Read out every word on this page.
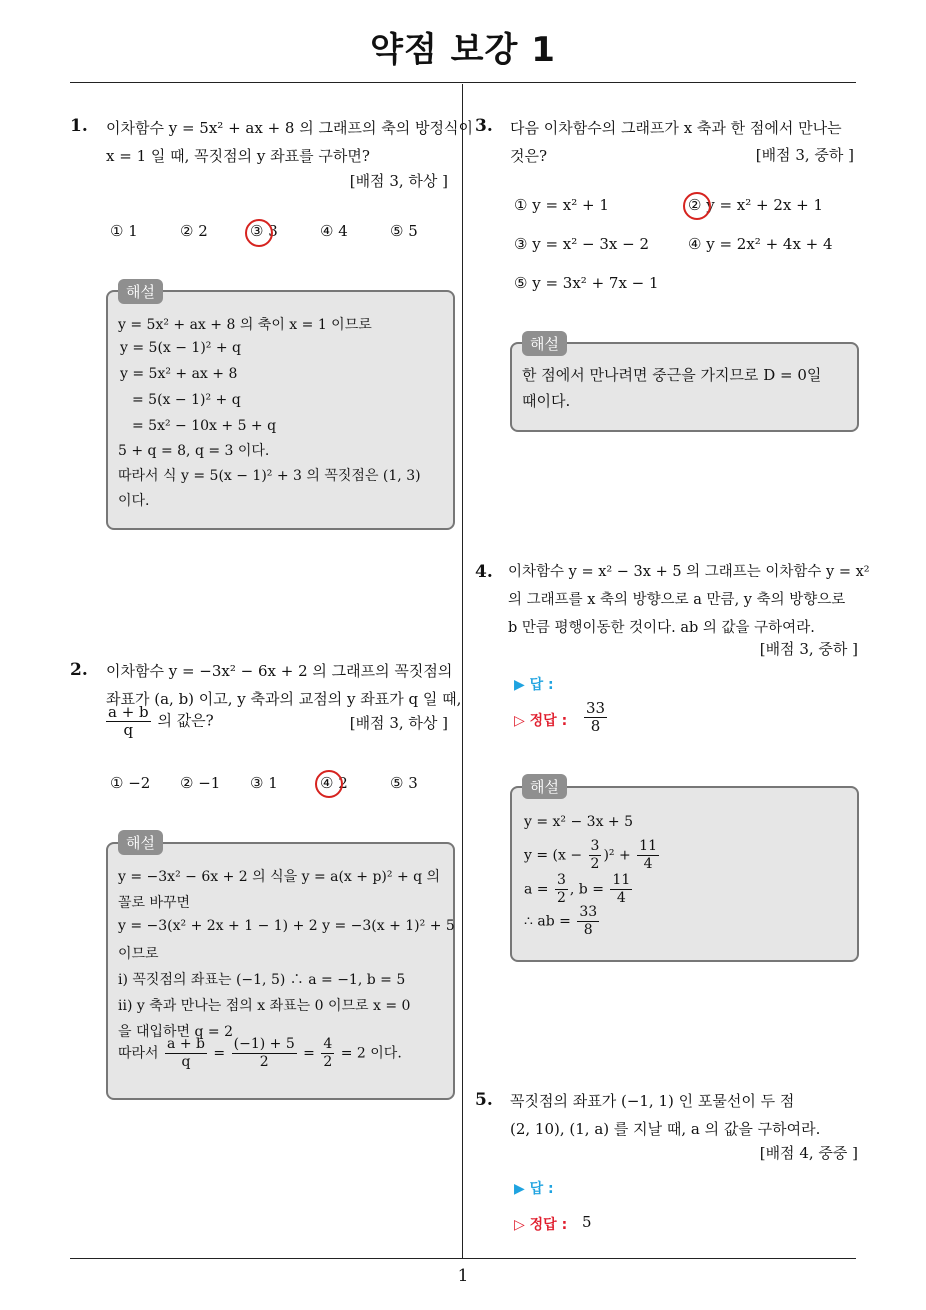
약점 보강 1
1
1. 이차함수 y = 5x² + ax + 8 의 그래프의 축의 방정식이
x = 1 일 때, 꼭짓점의 y 좌표를 구하면?
[배점 3, 하상 ]
① 1	② 2	③ 3	④ 4	⑤ 5
해설
y = 5x² + ax + 8 의 축이 x = 1 이므로
y = 5(x − 1)² + q
y = 5x² + ax + 8
= 5(x − 1)² + q
= 5x² − 10x + 5 + q
5 + q = 8, q = 3 이다.
따라서 식 y = 5(x − 1)² + 3 의 꼭짓점은 (1, 3)
이다.
2. 이차함수 y = −3x² − 6x + 2 의 그래프의 꼭짓점의
좌표가 (a, b) 이고, y 축과의 교점의 y 좌표가 q 일 때,
$\frac{a + b}{q}$ 의 값은?	[배점 3, 하상 ]
① −2 ② −1 ③ 1	④ 2	⑤ 3
해설
y = −3x² − 6x + 2 의 식을 y = a(x + p)² + q 의
꼴로 바꾸면
y = −3(x² + 2x + 1 − 1) + 2 y = −3(x + 1)² + 5
이므로
i) 꼭짓점의 좌표는 (−1, 5) ∴ a = −1, b = 5
ii) y 축과 만나는 점의 x 좌표는 0 이므로 x = 0
을 대입하면 q = 2
따라서 $\frac{a + b}{q} = \frac{(-1) + 5}{2} = \frac{4}{2} = 2$ 이다.
3. 다음 이차함수의 그래프가 x 축과 한 점에서 만나는
것은?	[배점 3, 중하 ]
① y = x² + 1	② y = x² + 2x + 1
③ y = x² − 3x − 2	④ y = 2x² + 4x + 4
⑤ y = 3x² + 7x − 1
해설
한 점에서 만나려면 중근을 가지므로 D = 0일
때이다.
4. 이차함수 y = x² − 3x + 5 의 그래프는 이차함수 y = x²
의 그래프를 x 축의 방향으로 a 만큼, y 축의 방향으로
b 만큼 평행이동한 것이다. ab 의 값을 구하여라.
[배점 3, 중하 ]
▶ 답 :
▷ 정답 : $\frac{33}{8}$
해설
y = x² − 3x + 5
$y = (x - \frac{3}{2} )^2 + \frac{11}{4}$
$a = \frac{3}{2}$ , $b = \frac{11}{4}$
∴ ab = $\frac{33}{8}$
5. 꼭짓점의 좌표가 (−1, 1) 인 포물선이 두 점
(2, 10), (1, a) 를 지날 때, a 의 값을 구하여라.
[배점 4, 중중 ]
▶ 답 :
▷ 정답 : 5
